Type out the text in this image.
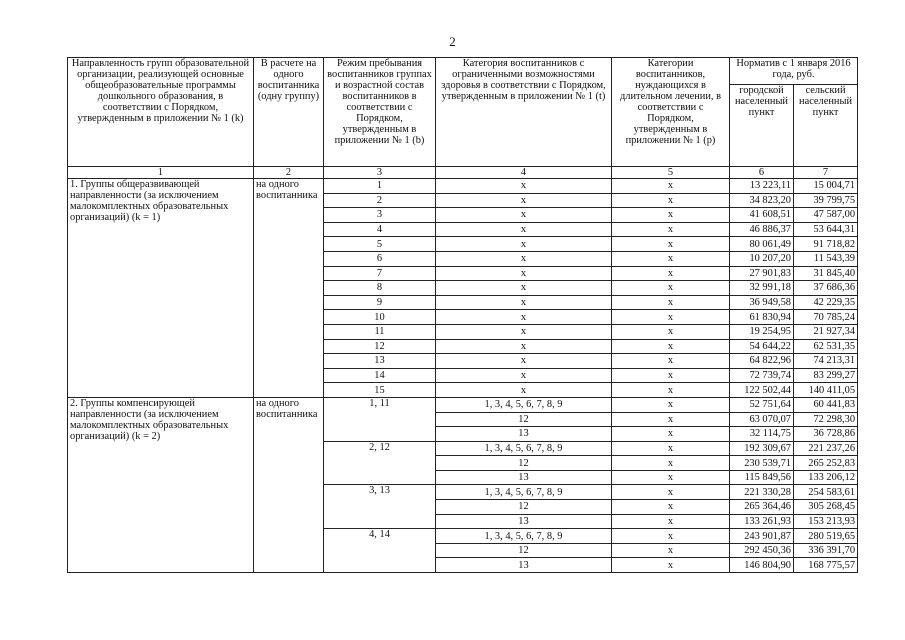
2
Направленность групп образовательной организации, реализующей основные общеобразовательные программы дошкольного образования, в соответствии с Порядком, утвержденным в приложении № 1 (k)	В расчете на одного воспитанника (одну группу)	Режим пребывания воспитанников группах и возрастной состав воспитанников в соответствии с Порядком, утвержденным в приложении № 1 (b)	Категория воспитанников с ограниченными возможностями здоровья в соответствии с Порядком, утвержденным в приложении № 1 (t)	Категории воспитанников, нуждающихся в длительном лечении, в соответствии с Порядком, утвержденным в приложении № 1 (p)	Норматив с 1 января 2016 года, руб.	
					городской населенный пункт	сельский населенный пункт
1	2	3	4	5	6	7
1. Группы общеразвивающей направленности (за исключением малокомплектных образовательных организаций) (k = 1)	на одного воспитанника	1	х	х	13 223,11	15 004,71
		2	х	х	34 823,20	39 799,75
		3	х	х	41 608,51	47 587,00
		4	х	х	46 886,37	53 644,31
		5	х	х	80 061,49	91 718,82
		6	х	х	10 207,20	11 543,39
		7	х	х	27 901,83	31 845,40
		8	х	х	32 991,18	37 686,36
		9	х	х	36 949,58	42 229,35
		10	х	х	61 830,94	70 785,24
		11	х	х	19 254,95	21 927,34
		12	х	х	54 644,22	62 531,35
		13	х	х	64 822,96	74 213,31
		14	х	х	72 739,74	83 299,27
		15	х	х	122 502,44	140 411,05
2. Группы компенсирующей направленности (за исключением малокомплектных образовательных организаций) (k = 2)	на одного воспитанника	1, 11	1, 3, 4, 5, 6, 7, 8, 9	х	52 751,64	60 441,83
			12	х	63 070,07	72 298,30
			13	х	32 114,75	36 728,86
		2, 12	1, 3, 4, 5, 6, 7, 8, 9	х	192 309,67	221 237,26
			12	х	230 539,71	265 252,83
			13	х	115 849,56	133 206,12
		3, 13	1, 3, 4, 5, 6, 7, 8, 9	х	221 330,28	254 583,61
			12	х	265 364,46	305 268,45
			13	х	133 261,93	153 213,93
		4, 14	1, 3, 4, 5, 6, 7, 8, 9	х	243 901,87	280 519,65
			12	х	292 450,36	336 391,70
			13	х	146 804,90	168 775,57
